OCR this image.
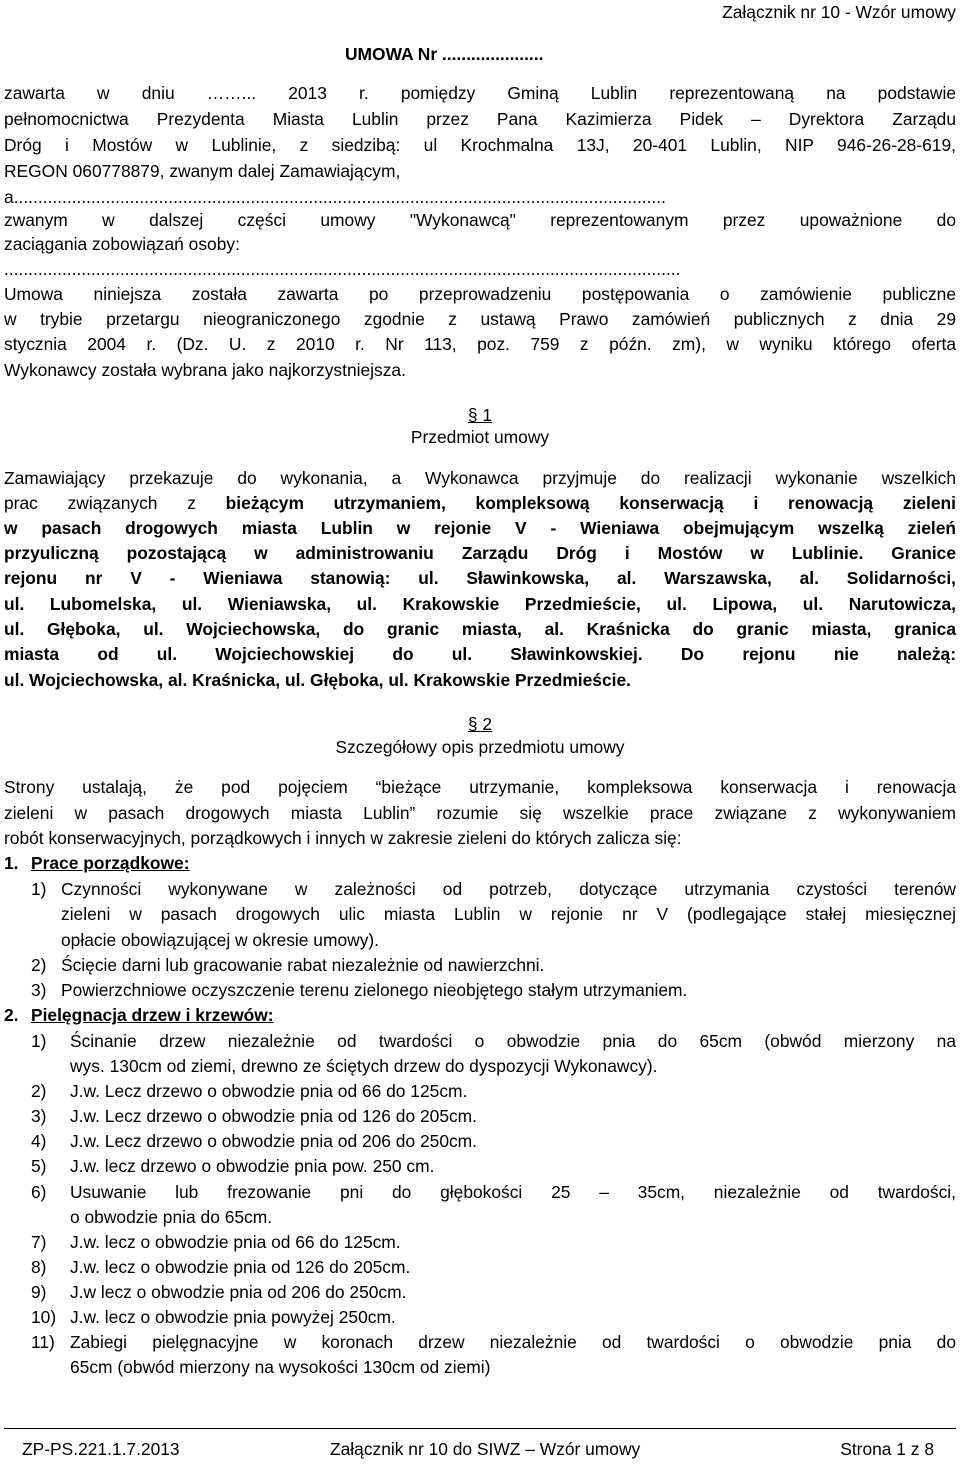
Załącznik nr 10 - Wzór umowy
UMOWA Nr .....................
zawarta w dniu ……... 2013 r. pomiędzy Gminą Lublin reprezentowaną na podstawie
pełnomocnictwa Prezydenta Miasta Lublin przez Pana Kazimierza Pidek – Dyrektora Zarządu
Dróg i Mostów w Lublinie, z siedzibą: ul Krochmalna 13J, 20-401 Lublin, NIP 946-26-28-619,
REGON 060778879, zwanym dalej Zamawiającym,
a.......................................................................................................................................
zwanym w dalszej części umowy "Wykonawcą" reprezentowanym przez upoważnione do
zaciągania zobowiązań osoby:
............................................................................................................................................
Umowa niniejsza została zawarta po przeprowadzeniu postępowania o zamówienie publiczne
w trybie przetargu nieograniczonego zgodnie z ustawą Prawo zamówień publicznych z dnia 29
stycznia 2004 r. (Dz. U. z 2010 r. Nr 113, poz. 759 z późn. zm), w wyniku którego oferta
Wykonawcy została wybrana jako najkorzystniejsza.
§ 1
Przedmiot umowy
Zamawiający przekazuje do wykonania, a Wykonawca przyjmuje do realizacji wykonanie wszelkich
prac związanych z bieżącym utrzymaniem, kompleksową konserwacją i renowacją zieleni
w pasach drogowych miasta Lublin w rejonie V - Wieniawa obejmującym wszelką zieleń
przyuliczną pozostającą w administrowaniu Zarządu Dróg i Mostów w Lublinie. Granice
rejonu nr V - Wieniawa stanowią: ul. Sławinkowska, al. Warszawska, al. Solidarności,
ul. Lubomelska, ul. Wieniawska, ul. Krakowskie Przedmieście, ul. Lipowa, ul. Narutowicza,
ul. Głęboka, ul. Wojciechowska, do granic miasta, al. Kraśnicka do granic miasta, granica
miasta od ul. Wojciechowskiej do ul. Sławinkowskiej. Do rejonu nie należą:
ul. Wojciechowska, al. Kraśnicka, ul. Głęboka, ul. Krakowskie Przedmieście.
§ 2
Szczegółowy opis przedmiotu umowy
Strony ustalają, że pod pojęciem “bieżące utrzymanie, kompleksowa konserwacja i renowacja
zieleni w pasach drogowych miasta Lublin” rozumie się wszelkie prace związane z wykonywaniem
robót konserwacyjnych, porządkowych i innych w zakresie zieleni do których zalicza się:
1. Prace porządkowe:
1) Czynności wykonywane w zależności od potrzeb, dotyczące utrzymania czystości terenów
zieleni w pasach drogowych ulic miasta Lublin w rejonie nr V (podlegające stałej miesięcznej
opłacie obowiązującej w okresie umowy).
2) Ścięcie darni lub gracowanie rabat niezależnie od nawierzchni.
3) Powierzchniowe oczyszczenie terenu zielonego nieobjętego stałym utrzymaniem.
2. Pielęgnacja drzew i krzewów:
1) Ścinanie drzew niezależnie od twardości o obwodzie pnia do 65cm (obwód mierzony na
wys. 130cm od ziemi, drewno ze ściętych drzew do dyspozycji Wykonawcy).
2) J.w. Lecz drzewo o obwodzie pnia od 66 do 125cm.
3) J.w. Lecz drzewo o obwodzie pnia od 126 do 205cm.
4) J.w. Lecz drzewo o obwodzie pnia od 206 do 250cm.
5) J.w. lecz drzewo o obwodzie pnia pow. 250 cm.
6) Usuwanie lub frezowanie pni do głębokości 25 – 35cm, niezależnie od twardości,
o obwodzie pnia do 65cm.
7) J.w. lecz o obwodzie pnia od 66 do 125cm.
8) J.w. lecz o obwodzie pnia od 126 do 205cm.
9) J.w lecz o obwodzie pnia od 206 do 250cm.
10) J.w. lecz o obwodzie pnia powyżej 250cm.
11) Zabiegi pielęgnacyjne w koronach drzew niezależnie od twardości o obwodzie pnia do
65cm (obwód mierzony na wysokości 130cm od ziemi)
ZP-PS.221.1.7.2013	Załącznik nr 10 do SIWZ – Wzór umowy	Strona 1 z 8
